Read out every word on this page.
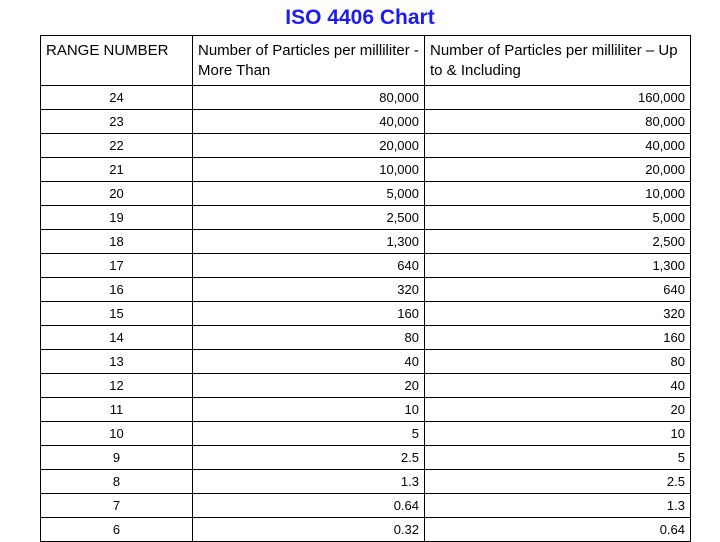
ISO 4406 Chart
RANGE NUMBER	Number of Particles per milliliter - More Than	Number of Particles per milliliter – Up to & Including
24	80,000	160,000
23	40,000	80,000
22	20,000	40,000
21	10,000	20,000
20	5,000	10,000
19	2,500	5,000
18	1,300	2,500
17	640	1,300
16	320	640
15	160	320
14	80	160
13	40	80
12	20	40
11	10	20
10	5	10
9	2.5	5
8	1.3	2.5
7	0.64	1.3
6	0.32	0.64
